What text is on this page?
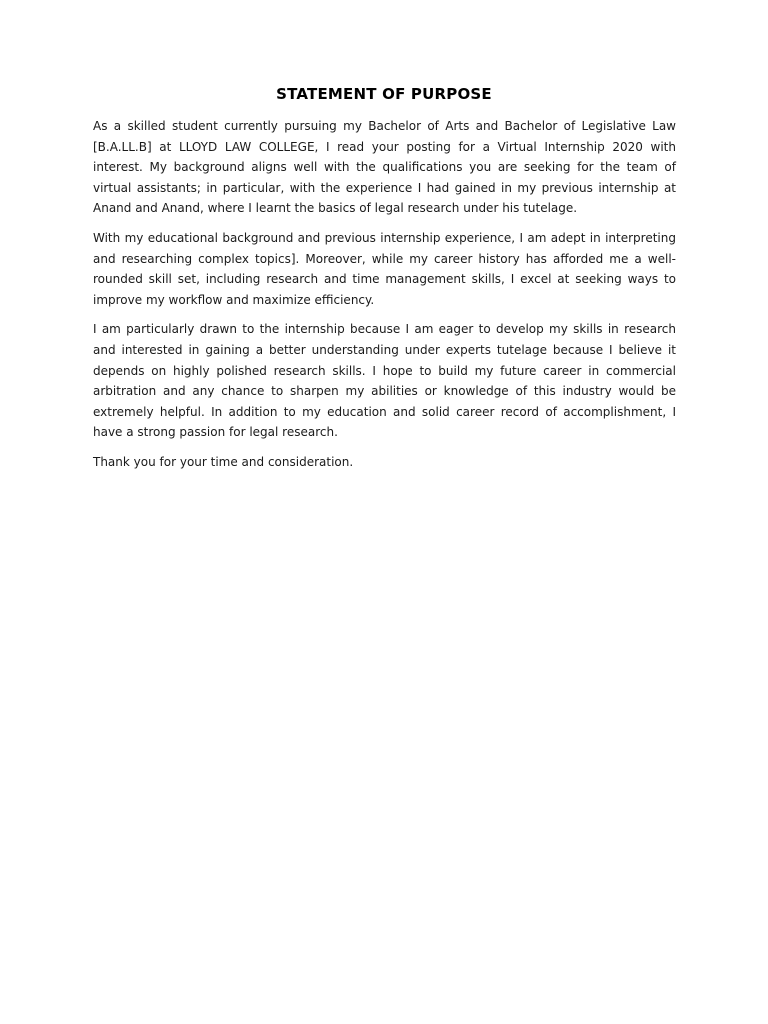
STATEMENT OF PURPOSE

As a skilled student currently pursuing my Bachelor of Arts and Bachelor of Legislative Law [B.A.LL.B] at LLOYD LAW COLLEGE, I read your posting for a Virtual Internship 2020 with interest. My background aligns well with the qualifications you are seeking for the team of virtual assistants; in particular, with the experience I had gained in my previous internship at Anand and Anand, where I learnt the basics of legal research under his tutelage.

With my educational background and previous internship experience, I am adept in interpreting and researching complex topics]. Moreover, while my career history has afforded me a well-rounded skill set, including research and time management skills, I excel at seeking ways to improve my workflow and maximize efficiency.

I am particularly drawn to the internship because I am eager to develop my skills in research and interested in gaining a better understanding under experts tutelage because I believe it depends on highly polished research skills. I hope to build my future career in commercial arbitration and any chance to sharpen my abilities or knowledge of this industry would be extremely helpful. In addition to my education and solid career record of accomplishment, I have a strong passion for legal research.

Thank you for your time and consideration.
